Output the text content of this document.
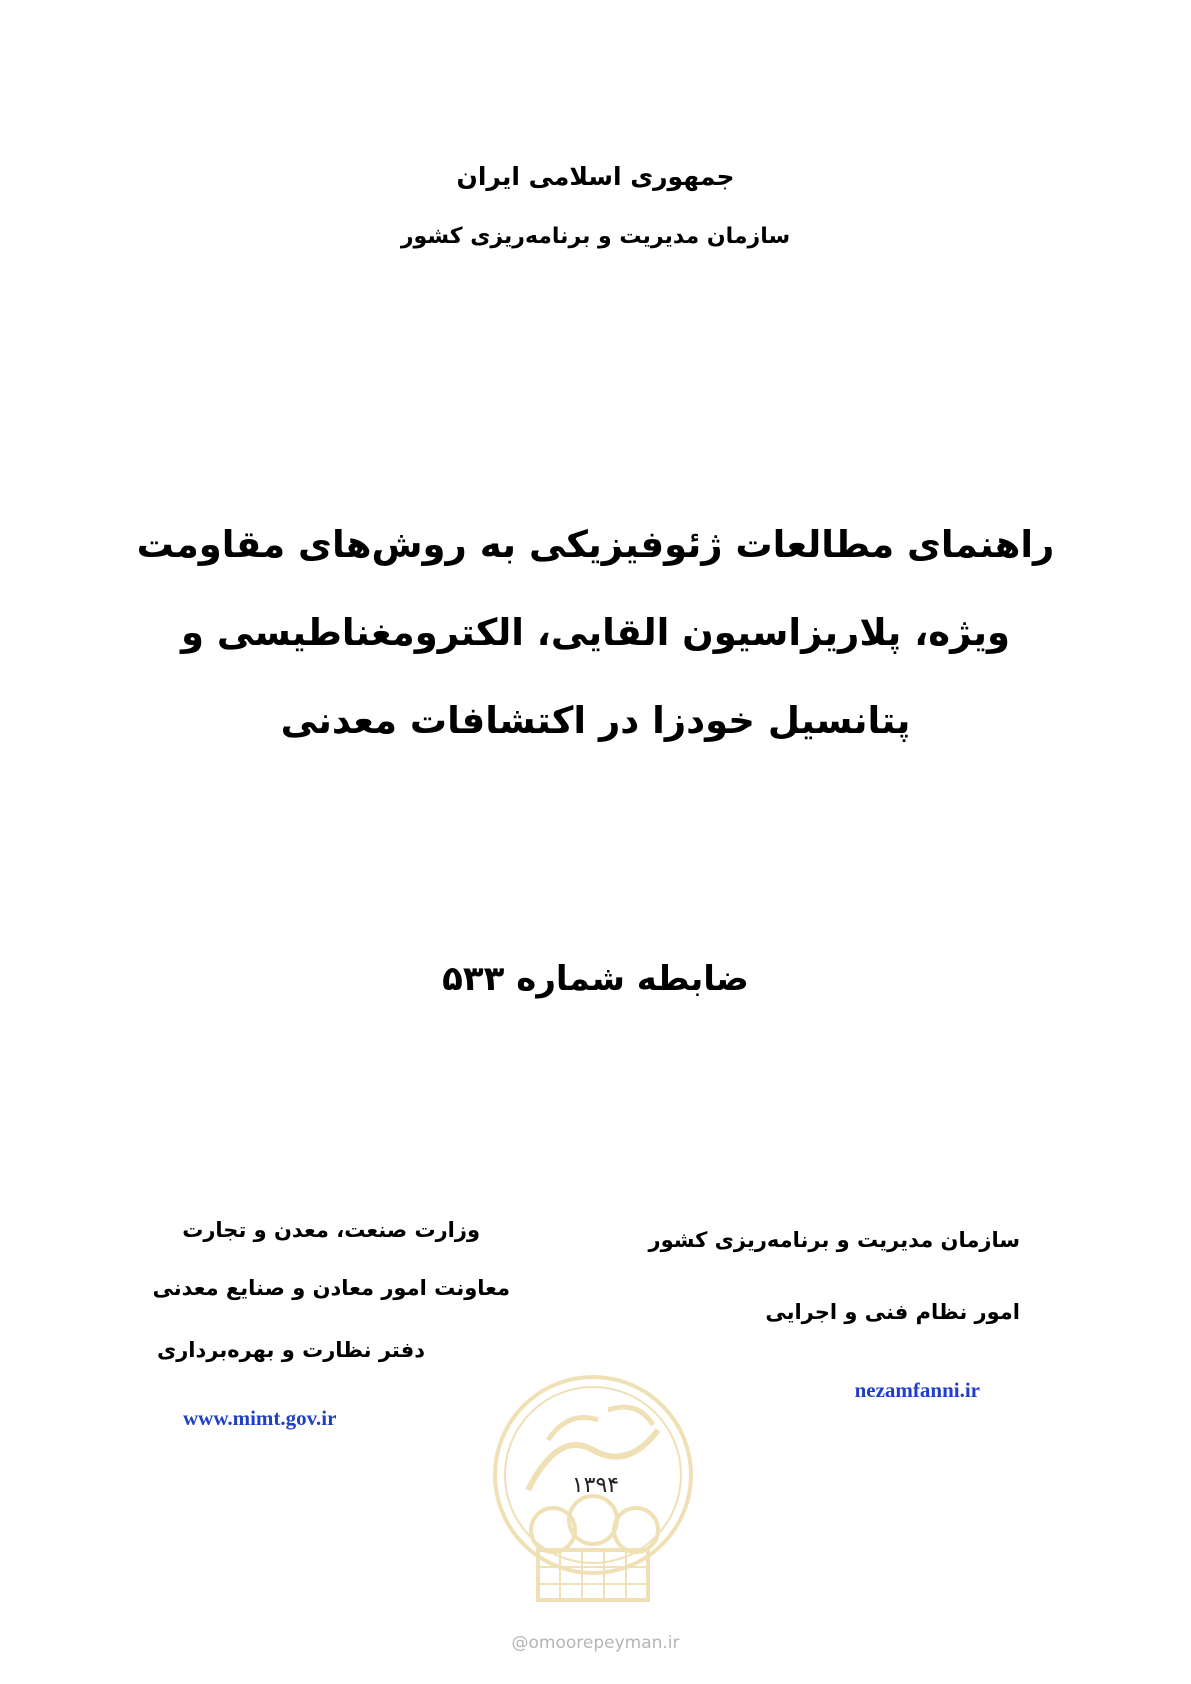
جمهوری اسلامی ایران
سازمان مدیریت و برنامه‌ریزی کشور
راهنمای مطالعات ژئوفیزیکی به روش‌های مقاومت
ویژه، پلاریزاسیون القایی، الکترومغناطیسی و
پتانسیل خودزا در اکتشافات معدنی
ضابطه شماره ۵۳۳
۱۳۹۴
@omoorepeyman.ir
سازمان مدیریت و برنامه‌ریزی کشور
امور نظام فنی و اجرایی
nezamfanni.ir
وزارت صنعت، معدن و تجارت
معاونت امور معادن و صنایع معدنی
دفتر نظارت و بهره‌برداری
www.mimt.gov.ir
